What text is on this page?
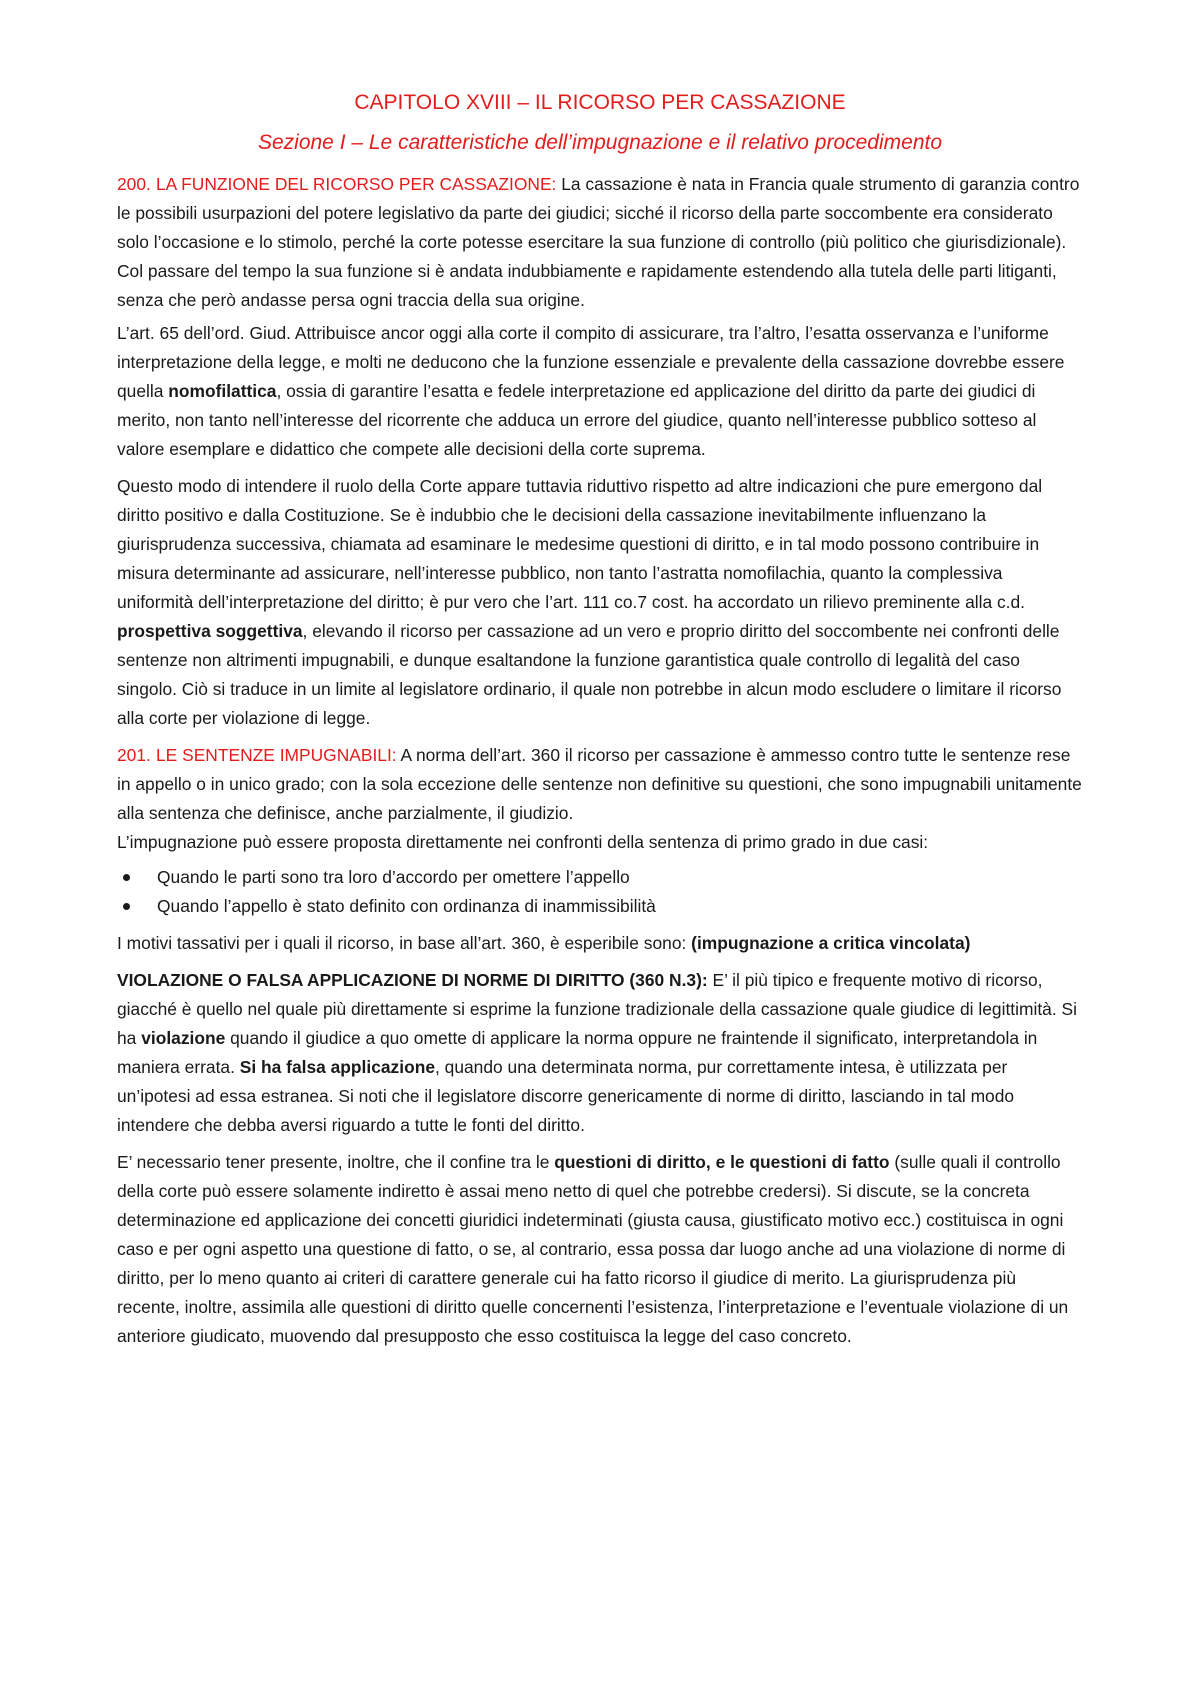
CAPITOLO XVIII – IL RICORSO PER CASSAZIONE
Sezione I – Le caratteristiche dell’impugnazione e il relativo procedimento

200. LA FUNZIONE DEL RICORSO PER CASSAZIONE: La cassazione è nata in Francia quale strumento di garanzia contro le possibili usurpazioni del potere legislativo da parte dei giudici; sicché il ricorso della parte soccombente era considerato solo l’occasione e lo stimolo, perché la corte potesse esercitare la sua funzione di controllo (più politico che giurisdizionale). Col passare del tempo la sua funzione si è andata indubbiamente e rapidamente estendendo alla tutela delle parti litiganti, senza che però andasse persa ogni traccia della sua origine.

L’art. 65 dell’ord. Giud. Attribuisce ancor oggi alla corte il compito di assicurare, tra l’altro, l’esatta osservanza e l’uniforme interpretazione della legge, e molti ne deducono che la funzione essenziale e prevalente della cassazione dovrebbe essere quella nomofilattica, ossia di garantire l’esatta e fedele interpretazione ed applicazione del diritto da parte dei giudici di merito, non tanto nell’interesse del ricorrente che adduca un errore del giudice, quanto nell’interesse pubblico sotteso al valore esemplare e didattico che compete alle decisioni della corte suprema.

Questo modo di intendere il ruolo della Corte appare tuttavia riduttivo rispetto ad altre indicazioni che pure emergono dal diritto positivo e dalla Costituzione. Se è indubbio che le decisioni della cassazione inevitabilmente influenzano la giurisprudenza successiva, chiamata ad esaminare le medesime questioni di diritto, e in tal modo possono contribuire in misura determinante ad assicurare, nell’interesse pubblico, non tanto l’astratta nomofilachia, quanto la complessiva uniformità dell’interpretazione del diritto; è pur vero che l’art. 111 co.7 cost. ha accordato un rilievo preminente alla c.d. prospettiva soggettiva, elevando il ricorso per cassazione ad un vero e proprio diritto del soccombente nei confronti delle sentenze non altrimenti impugnabili, e dunque esaltandone la funzione garantistica quale controllo di legalità del caso singolo. Ciò si traduce in un limite al legislatore ordinario, il quale non potrebbe in alcun modo escludere o limitare il ricorso alla corte per violazione di legge.

201. LE SENTENZE IMPUGNABILI: A norma dell’art. 360 il ricorso per cassazione è ammesso contro tutte le sentenze rese in appello o in unico grado; con la sola eccezione delle sentenze non definitive su questioni, che sono impugnabili unitamente alla sentenza che definisce, anche parzialmente, il giudizio.
L’impugnazione può essere proposta direttamente nei confronti della sentenza di primo grado in due casi:

Quando le parti sono tra loro d’accordo per omettere l’appello
Quando l’appello è stato definito con ordinanza di inammissibilità

I motivi tassativi per i quali il ricorso, in base all’art. 360, è esperibile sono: (impugnazione a critica vincolata)

VIOLAZIONE O FALSA APPLICAZIONE DI NORME DI DIRITTO (360 N.3): E’ il più tipico e frequente motivo di ricorso, giacché è quello nel quale più direttamente si esprime la funzione tradizionale della cassazione quale giudice di legittimità. Si ha violazione quando il giudice a quo omette di applicare la norma oppure ne fraintende il significato, interpretandola in maniera errata. Si ha falsa applicazione, quando una determinata norma, pur correttamente intesa, è utilizzata per un’ipotesi ad essa estranea. Si noti che il legislatore discorre genericamente di norme di diritto, lasciando in tal modo intendere che debba aversi riguardo a tutte le fonti del diritto.

E’ necessario tener presente, inoltre, che il confine tra le questioni di diritto, e le questioni di fatto (sulle quali il controllo della corte può essere solamente indiretto è assai meno netto di quel che potrebbe credersi). Si discute, se la concreta determinazione ed applicazione dei concetti giuridici indeterminati (giusta causa, giustificato motivo ecc.) costituisca in ogni caso e per ogni aspetto una questione di fatto, o se, al contrario, essa possa dar luogo anche ad una violazione di norme di diritto, per lo meno quanto ai criteri di carattere generale cui ha fatto ricorso il giudice di merito. La giurisprudenza più recente, inoltre, assimila alle questioni di diritto quelle concernenti l’esistenza, l’interpretazione e l’eventuale violazione di un anteriore giudicato, muovendo dal presupposto che esso costituisca la legge del caso concreto.
